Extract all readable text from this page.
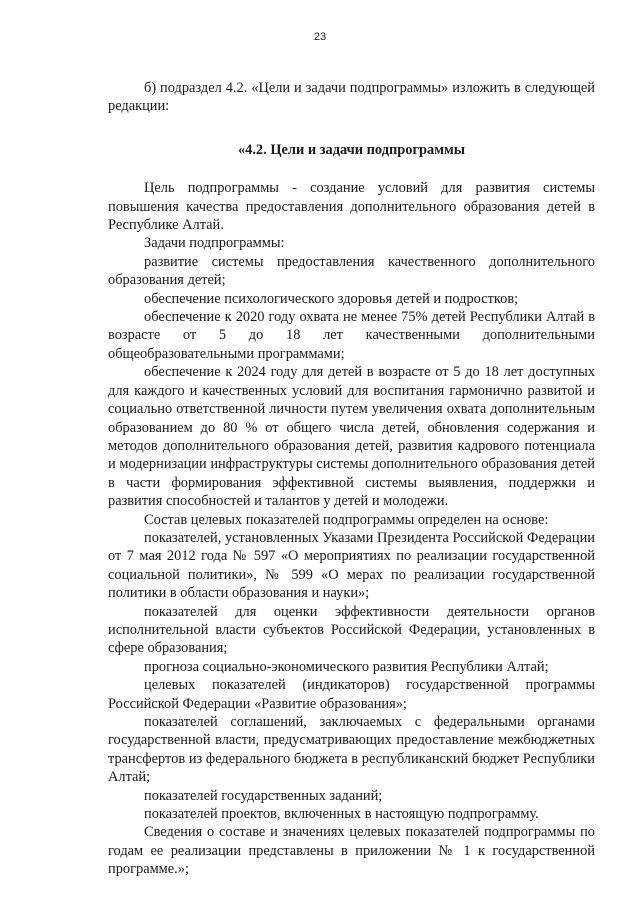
23

б) подраздел 4.2. «Цели и задачи подпрограммы» изложить в следующей редакции:

«4.2. Цели и задачи подпрограммы

Цель подпрограммы - создание условий для развития системы повышения качества предоставления дополнительного образования детей в Республике Алтай.

Задачи подпрограммы:

развитие системы предоставления качественного дополнительного образования детей;

обеспечение психологического здоровья детей и подростков;

обеспечение к 2020 году охвата не менее 75% детей Республики Алтай в возрасте от 5 до 18 лет качественными дополнительными общеобразовательными программами;

обеспечение к 2024 году для детей в возрасте от 5 до 18 лет доступных для каждого и качественных условий для воспитания гармонично развитой и социально ответственной личности путем увеличения охвата дополнительным образованием до 80 % от общего числа детей, обновления содержания и методов дополнительного образования детей, развития кадрового потенциала и модернизации инфраструктуры системы дополнительного образования детей в части формирования эффективной системы выявления, поддержки и развития способностей и талантов у детей и молодежи.

Состав целевых показателей подпрограммы определен на основе:

показателей, установленных Указами Президента Российской Федерации от 7 мая 2012 года № 597 «О мероприятиях по реализации государственной социальной политики», № 599 «О мерах по реализации государственной политики в области образования и науки»;

показателей для оценки эффективности деятельности органов исполнительной власти субъектов Российской Федерации, установленных в сфере образования;

прогноза социально-экономического развития Республики Алтай;

целевых показателей (индикаторов) государственной программы Российской Федерации «Развитие образования»;

показателей соглашений, заключаемых с федеральными органами государственной власти, предусматривающих предоставление межбюджетных трансфертов из федерального бюджета в республиканский бюджет Республики Алтай;

показателей государственных заданий;

показателей проектов, включенных в настоящую подпрограмму.

Сведения о составе и значениях целевых показателей подпрограммы по годам ее реализации представлены в приложении № 1 к государственной программе.»;
